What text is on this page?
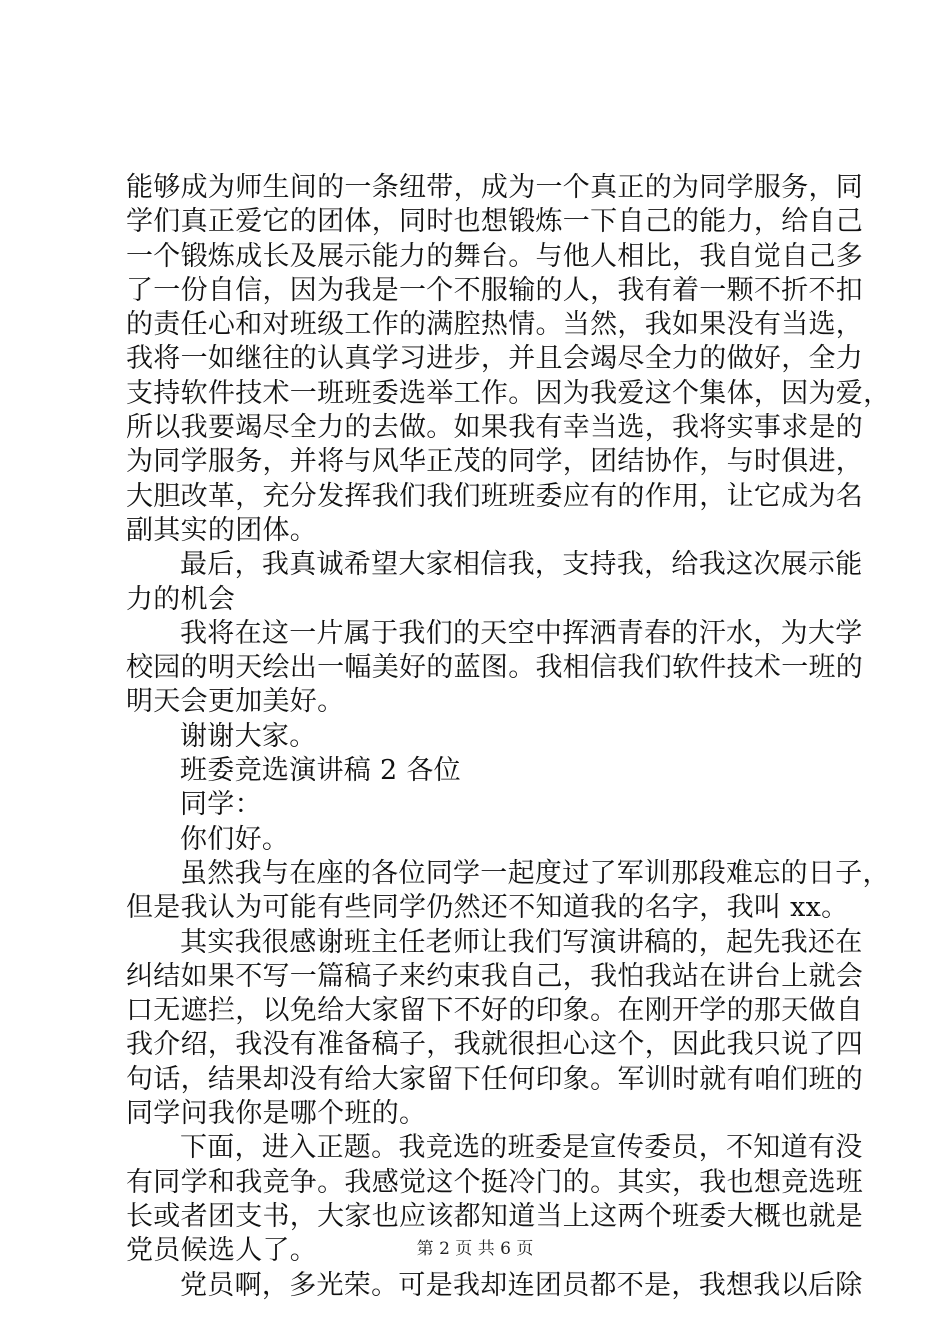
能够成为师生间的一条纽带，成为一个真正的为同学服务，同
学们真正爱它的团体，同时也想锻炼一下自己的能力，给自己
一个锻炼成长及展示能力的舞台。与他人相比，我自觉自己多
了一份自信，因为我是一个不服输的人，我有着一颗不折不扣
的责任心和对班级工作的满腔热情。当然，我如果没有当选，
我将一如继往的认真学习进步，并且会竭尽全力的做好，全力
支持软件技术一班班委选举工作。因为我爱这个集体，因为爱，
所以我要竭尽全力的去做。如果我有幸当选，我将实事求是的
为同学服务，并将与风华正茂的同学，团结协作，与时俱进，
大胆改革，充分发挥我们我们班班委应有的作用，让它成为名
副其实的团体。
最后，我真诚希望大家相信我，支持我，给我这次展示能
力的机会
我将在这一片属于我们的天空中挥洒青春的汗水，为大学
校园的明天绘出一幅美好的蓝图。我相信我们软件技术一班的
明天会更加美好。
谢谢大家。
班委竞选演讲稿 2 各位
同学：
你们好。
虽然我与在座的各位同学一起度过了军训那段难忘的日子，
但是我认为可能有些同学仍然还不知道我的名字，我叫 xx。
其实我很感谢班主任老师让我们写演讲稿的，起先我还在
纠结如果不写一篇稿子来约束我自己，我怕我站在讲台上就会
口无遮拦，以免给大家留下不好的印象。在刚开学的那天做自
我介绍，我没有准备稿子，我就很担心这个，因此我只说了四
句话，结果却没有给大家留下任何印象。军训时就有咱们班的
同学问我你是哪个班的。
下面，进入正题。我竞选的班委是宣传委员，不知道有没
有同学和我竞争。我感觉这个挺冷门的。其实，我也想竞选班
长或者团支书，大家也应该都知道当上这两个班委大概也就是
党员候选人了。
党员啊，多光荣。可是我却连团员都不是，我想我以后除
第 2 页 共 6 页
